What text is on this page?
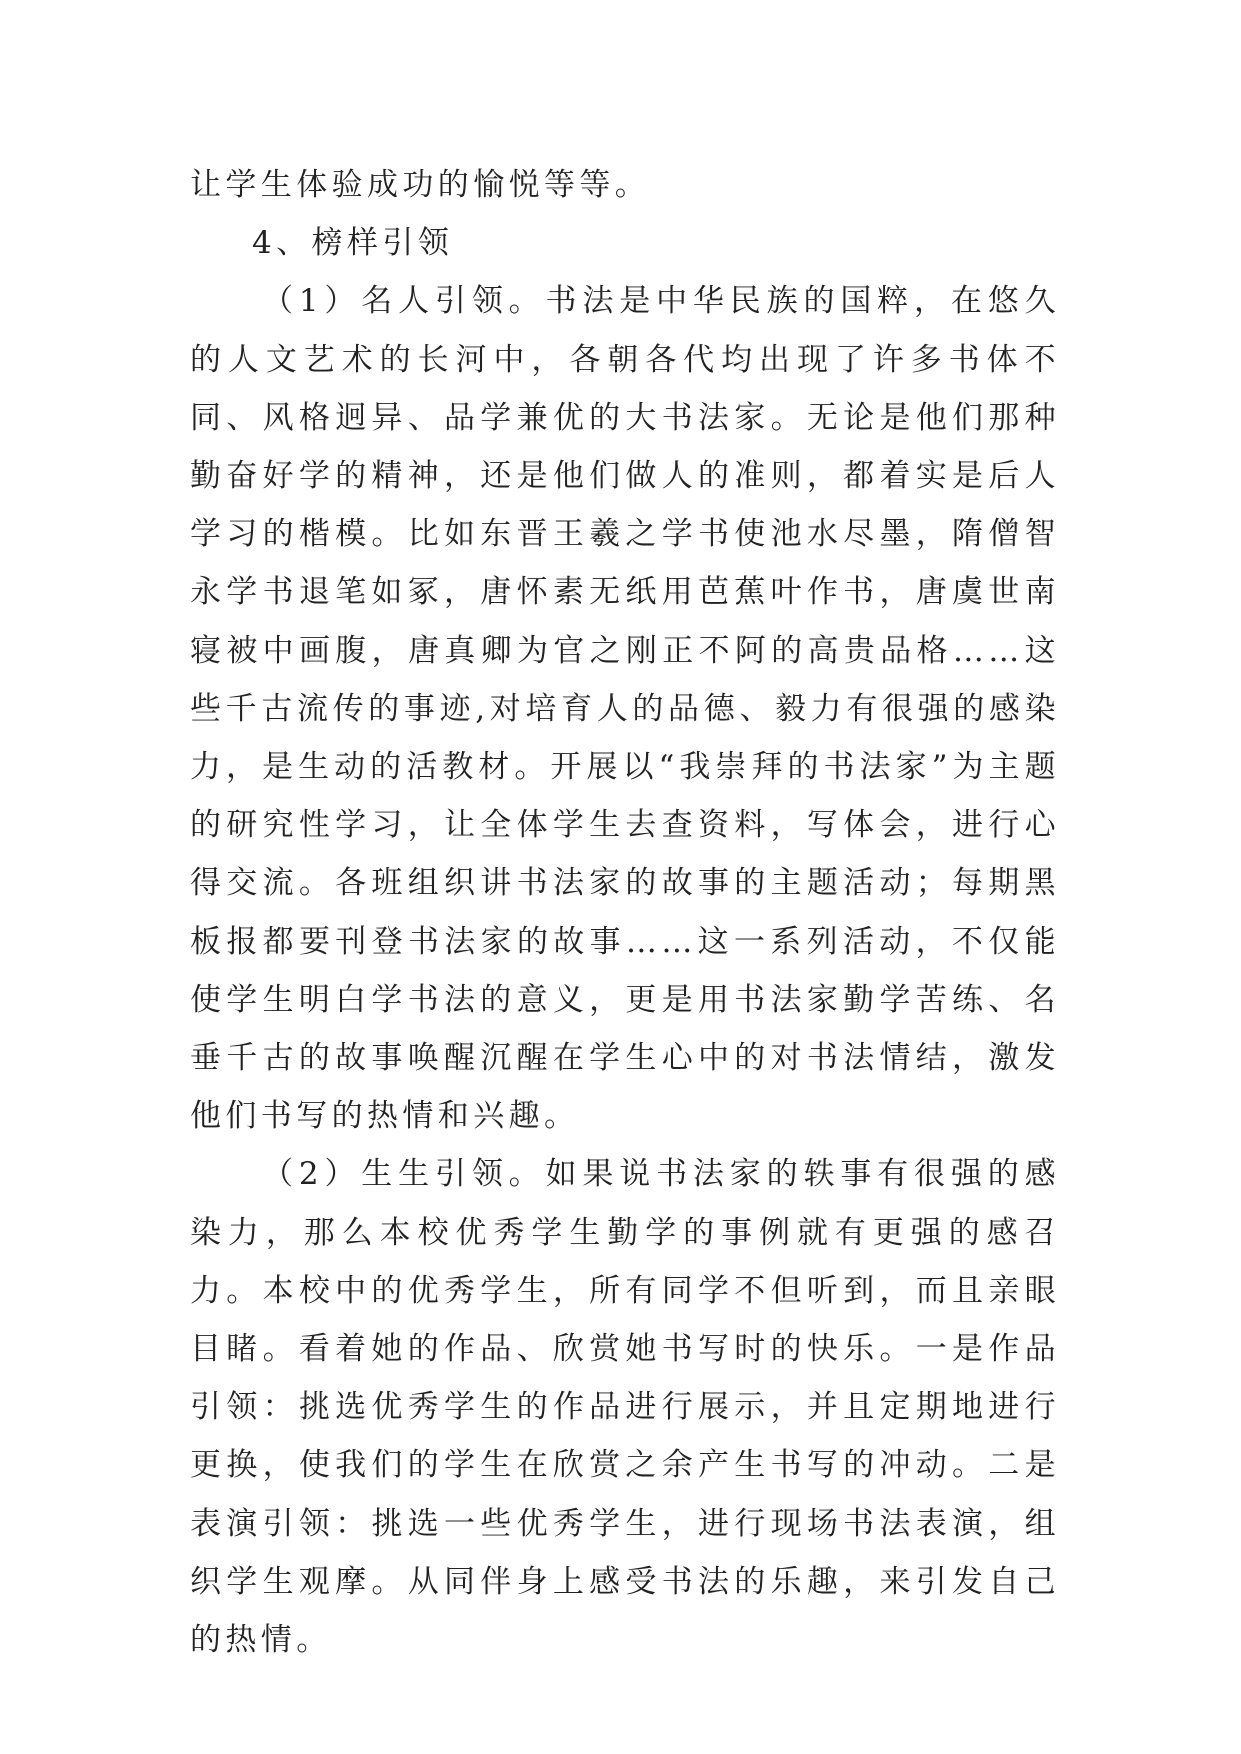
让学生体验成功的愉悦等等。

4、榜样引领

（1）名人引领。书法是中华民族的国粹，在悠久的人文艺术的长河中，各朝各代均出现了许多书体不同、风格迥异、品学兼优的大书法家。无论是他们那种勤奋好学的精神，还是他们做人的准则，都着实是后人学习的楷模。比如东晋王羲之学书使池水尽墨，隋僧智永学书退笔如冢，唐怀素无纸用芭蕉叶作书，唐虞世南寝被中画腹，唐真卿为官之刚正不阿的高贵品格……这些千古流传的事迹,对培育人的品德、毅力有很强的感染力，是生动的活教材。开展以“我崇拜的书法家”为主题的研究性学习，让全体学生去查资料，写体会，进行心得交流。各班组织讲书法家的故事的主题活动；每期黑板报都要刊登书法家的故事……这一系列活动，不仅能使学生明白学书法的意义，更是用书法家勤学苦练、名垂千古的故事唤醒沉醒在学生心中的对书法情结，激发他们书写的热情和兴趣。

（2）生生引领。如果说书法家的轶事有很强的感染力，那么本校优秀学生勤学的事例就有更强的感召力。本校中的优秀学生，所有同学不但听到，而且亲眼目睹。看着她的作品、欣赏她书写时的快乐。一是作品引领：挑选优秀学生的作品进行展示，并且定期地进行更换，使我们的学生在欣赏之余产生书写的冲动。二是表演引领：挑选一些优秀学生，进行现场书法表演，组织学生观摩。从同伴身上感受书法的乐趣，来引发自己的热情。
